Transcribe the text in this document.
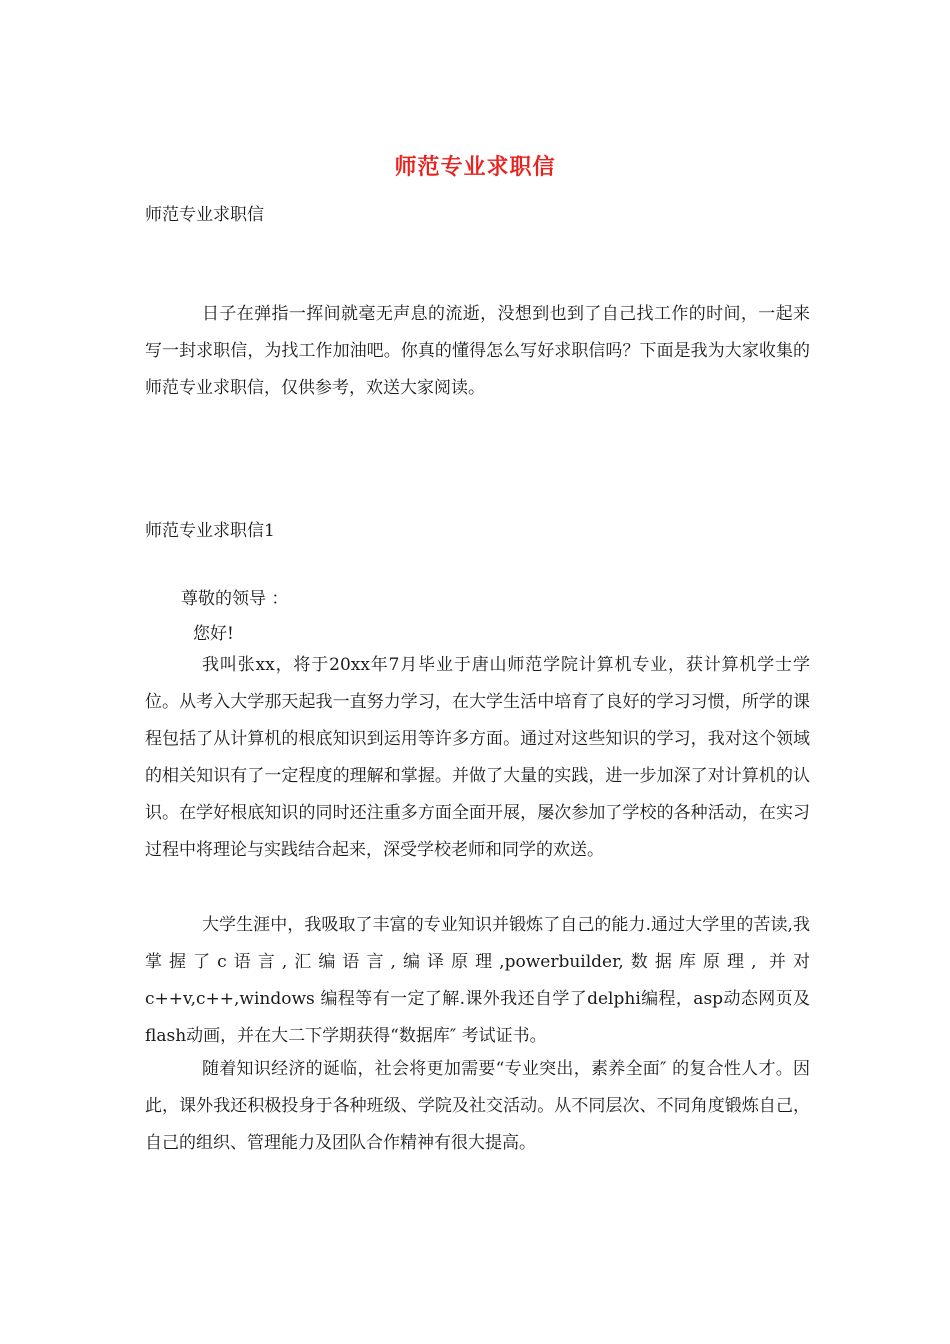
师范专业求职信
师范专业求职信
日子在弹指一挥间就毫无声息的流逝，没想到也到了自己找工作的时间，一起来写一封求职信，为找工作加油吧。你真的懂得怎么写好求职信吗？下面是我为大家收集的师范专业求职信，仅供参考，欢送大家阅读。
师范专业求职信1
尊敬的领导 ：
您好!
我叫张xx，将于20xx年7月毕业于唐山师范学院计算机专业，获计算机学士学位。从考入大学那天起我一直努力学习，在大学生活中培育了良好的学习习惯，所学的课程包括了从计算机的根底知识到运用等许多方面。通过对这些知识的学习，我对这个领域的相关知识有了一定程度的理解和掌握。并做了大量的实践，进一步加深了对计算机的认识。在学好根底知识的同时还注重多方面全面开展，屡次参加了学校的各种活动，在实习过程中将理论与实践结合起来，深受学校老师和同学的欢送。
大学生涯中，我吸取了丰富的专业知识并锻炼了自己的能力.通过大学里的苦读,我掌握了c语言,汇编语言,编译原理,powerbuilder,数据库原理, 并对c++v,c++,windows 编程等有一定了解.课外我还自学了delphi编程，asp动态网页及flash动画，并在大二下学期获得“数据库″ 考试证书。
随着知识经济的诞临，社会将更加需要“专业突出，素养全面″ 的复合性人才。因此，课外我还积极投身于各种班级、学院及社交活动。从不同层次、不同角度锻炼自己，自己的组织、管理能力及团队合作精神有很大提高。
